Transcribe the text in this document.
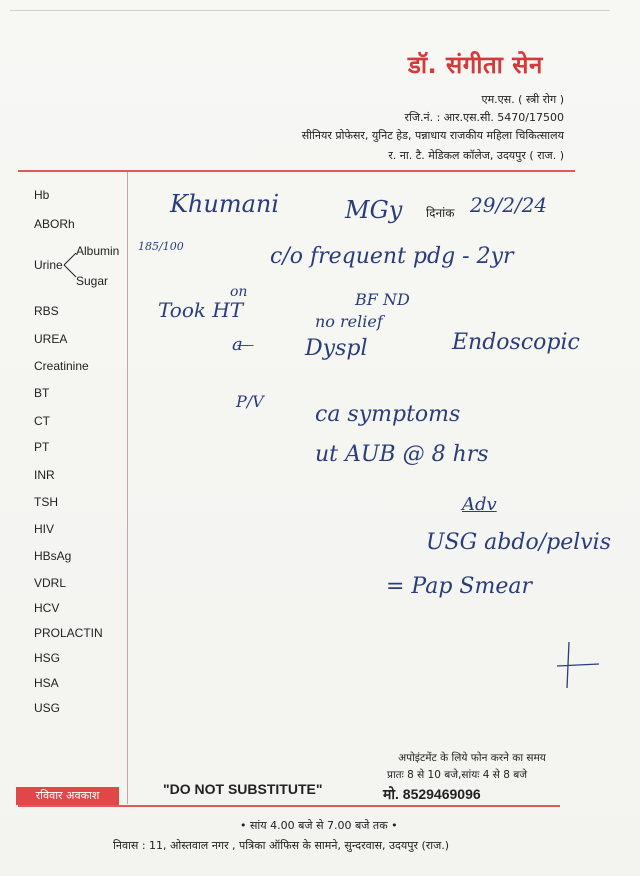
डॉ. संगीता सेन
एम.एस. ( स्त्री रोग )
रजि.नं. : आर.एस.सी. 5470/17500
सीनियर प्रोफेसर, युनिट हेड, पन्नाधाय राजकीय महिला चिकित्सालय
र. ना. टै. मेडिकल कॉलेज, उदयपुर ( राज. )
Hb
ABORh
Albumin
Urine
Sugar
RBS
UREA
Creatinine
BT
CT
PT
INR
TSH
HIV
HBsAg
VDRL
HCV
PROLACTIN
HSG
HSA
USG
दिनांक
Khumani	MGy	29/2/24
185/100	c/o frequent pdg - 2yr
on
Took HT	BF ND
no relief
a ̶ ̶ Dyspl	Endoscopic
P/V
ca symptoms
ut AUB @ 8 hrs
Adv
USG abdo/pelvis
= Pap Smear
अपोइंटमेंट के लिये फोन करने का समय
प्रातः 8 से 10 बजे,सांयः 4 से 8 बजे
"DO NOT SUBSTITUTE"	मो. 8529469096
रविवार अवकाश
• सांय 4.00 बजे से 7.00 बजे तक •
निवास : 11, ओस्तवाल नगर , पत्रिका ऑफिस के सामने, सुन्दरवास, उदयपुर (राज.)
